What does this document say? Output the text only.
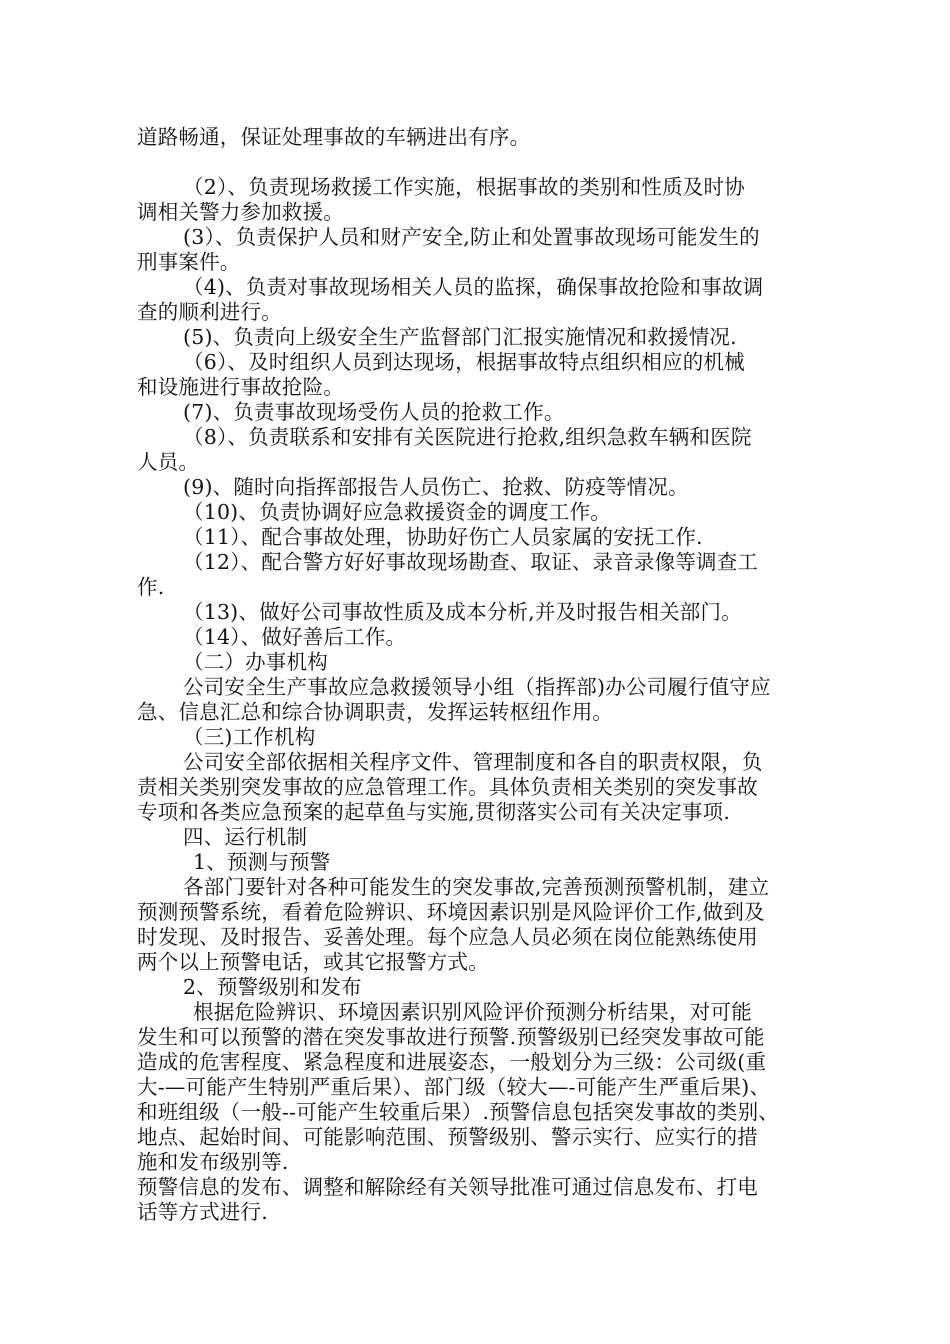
道路畅通，保证处理事故的车辆进出有序。
（2）、负责现场救援工作实施，根据事故的类别和性质及时协
调相关警力参加救援。
(3）、负责保护人员和财产安全,防止和处置事故现场可能发生的
刑事案件。
（4)、负责对事故现场相关人员的监探，确保事故抢险和事故调
查的顺利进行。
(5)、负责向上级安全生产监督部门汇报实施情况和救援情况.
（6）、及时组织人员到达现场，根据事故特点组织相应的机械
和设施进行事故抢险。
(7)、负责事故现场受伤人员的抢救工作。
（8）、负责联系和安排有关医院进行抢救,组织急救车辆和医院
人员。
(9)、随时向指挥部报告人员伤亡、抢救、防疫等情况。
（10)、负责协调好应急救援资金的调度工作。
（11）、配合事故处理，协助好伤亡人员家属的安抚工作.
（12）、配合警方好好事故现场勘查、取证、录音录像等调查工
作.
（13)、做好公司事故性质及成本分析,并及时报告相关部门。
（14）、做好善后工作。
（二）办事机构
公司安全生产事故应急救援领导小组（指挥部)办公司履行值守应
急、信息汇总和综合协调职责，发挥运转枢纽作用。
（三)工作机构
公司安全部依据相关程序文件、管理制度和各自的职责权限，负
责相关类别突发事故的应急管理工作。具体负责相关类别的突发事故
专项和各类应急预案的起草鱼与实施,贯彻落实公司有关决定事项.
四、运行机制
1、预测与预警
各部门要针对各种可能发生的突发事故,完善预测预警机制，建立
预测预警系统，看着危险辨识、环境因素识别是风险评价工作,做到及
时发现、及时报告、妥善处理。每个应急人员必须在岗位能熟练使用
两个以上预警电话，或其它报警方式。
2、预警级别和发布
根据危险辨识、环境因素识别风险评价预测分析结果，对可能
发生和可以预警的潜在突发事故进行预警.预警级别已经突发事故可能
造成的危害程度、紧急程度和进展姿态，一般划分为三级：公司级(重
大-—可能产生特别严重后果）、部门级（较大—-可能产生严重后果)、
和班组级（一般--可能产生较重后果）.预警信息包括突发事故的类别、
地点、起始时间、可能影响范围、预警级别、警示实行、应实行的措
施和发布级别等.
预警信息的发布、调整和解除经有关领导批准可通过信息发布、打电
话等方式进行.
